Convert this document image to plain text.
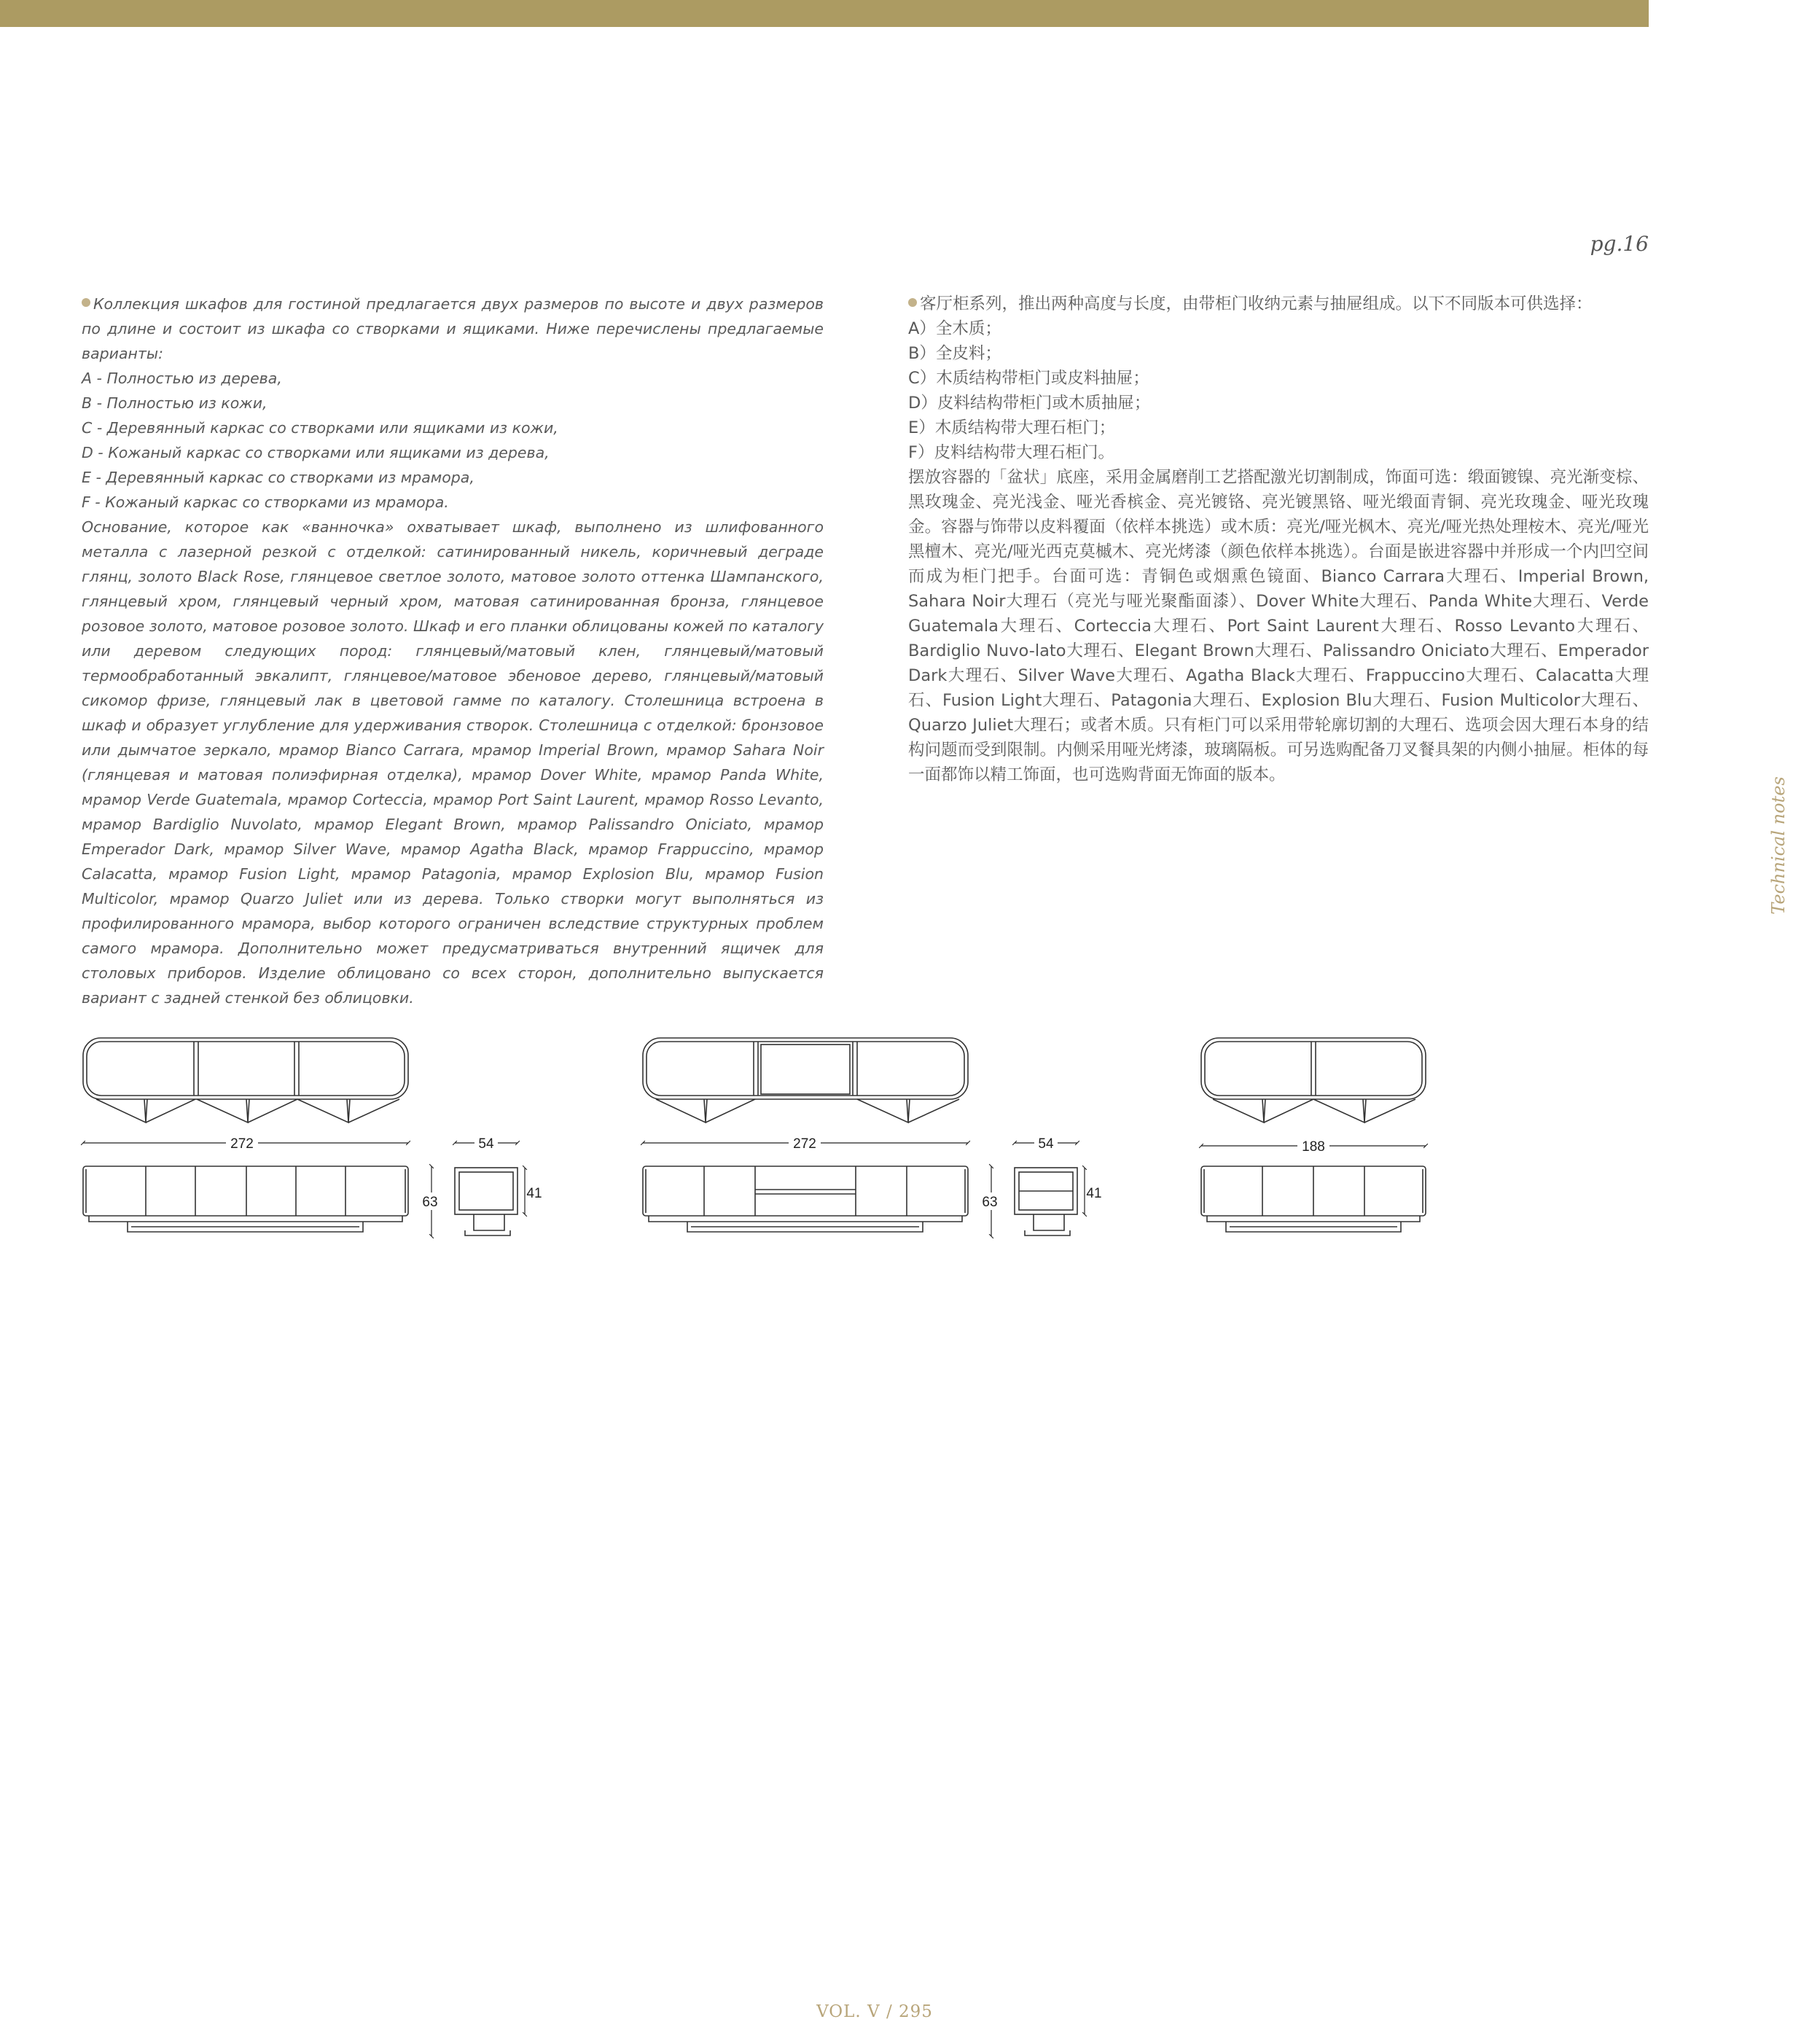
pg.16

Коллекция шкафов для гостиной предлагается двух размеров по высоте и двух размеров по длине и состоит из шкафа со створками и ящиками. Ниже перечислены предлагаемые варианты:

A - Полностью из дерева,

B - Полностью из кожи,

C - Деревянный каркас со створками или ящиками из кожи,

D - Кожаный каркас со створками или ящиками из дерева,

E - Деревянный каркас со створками из мрамора,

F - Кожаный каркас со створками из мрамора.

Основание, которое как «ванночка» охватывает шкаф, выполнено из шлифованного металла с лазерной резкой с отделкой: сатинированный никель, коричневый деграде глянц, золото Black Rose, глянцевое светлое золото, матовое золото оттенка Шампанского, глянцевый хром, глянцевый черный хром, матовая сатинированная бронза, глянцевое розовое золото, матовое розовое золото. Шкаф и его планки облицованы кожей по каталогу или деревом следующих пород: глянцевый/матовый клен, глянцевый/матовый термообработанный эвкалипт, глянцевое/матовое эбеновое дерево, глянцевый/матовый сикомор фризе, глянцевый лак в цветовой гамме по каталогу. Столешница встроена в шкаф и образует углубление для удерживания створок. Столешница с отделкой: бронзовое или дымчатое зеркало, мрамор Bianco Carrara, мрамор Imperial Brown, мрамор Sahara Noir (глянцевая и матовая полиэфирная отделка), мрамор Dover White, мрамор Panda White, мрамор Verde Guatemala, мрамор Corteccia, мрамор Port Saint Laurent, мрамор Rosso Levanto, мрамор Bardiglio Nuvolato, мрамор Elegant Brown, мрамор Palissandro Oniciato, мрамор Emperador Dark, мрамор Silver Wave, мрамор Agatha Black, мрамор Frappuccino, мрамор Calacatta, мрамор Fusion Light, мрамор Patagonia, мрамор Explosion Blu, мрамор Fusion Multicolor, мрамор Quarzo Juliet или из дерева. Только створки могут выполняться из профилированного мрамора, выбор которого ограничен вследствие структурных проблем самого мрамора. Дополнительно может предусматриваться внутренний ящичек для столовых приборов. Изделие облицовано со всех сторон, дополнительно выпускается вариант с задней стенкой без облицовки.

客厅柜系列，推出两种高度与长度，由带柜门收纳元素与抽屉组成。以下不同版本可供选择：

A）全木质；

B）全皮料；

C）木质结构带柜门或皮料抽屉；

D）皮料结构带柜门或木质抽屉；

E）木质结构带大理石柜门；

F）皮料结构带大理石柜门。

摆放容器的「盆状」底座，采用金属磨削工艺搭配激光切割制成，饰面可选：缎面镀镍、亮光渐变棕、黑玫瑰金、亮光浅金、哑光香槟金、亮光镀铬、亮光镀黑铬、哑光缎面青铜、亮光玫瑰金、哑光玫瑰金。容器与饰带以皮料覆面（依样本挑选）或木质：亮光/哑光枫木、亮光/哑光热处理桉木、亮光/哑光黑檀木、亮光/哑光西克莫槭木、亮光烤漆（颜色依样本挑选）。台面是嵌进容器中并形成一个内凹空间而成为柜门把手。台面可选：青铜色或烟熏色镜面、Bianco Carrara大理石、Imperial Brown, Sahara Noir大理石（亮光与哑光聚酯面漆）、Dover White大理石、Panda White大理石、Verde Guatemala大理石、Corteccia大理石、Port Saint Laurent大理石、Rosso Levanto大理石、Bardiglio Nuvo-lato大理石、Elegant Brown大理石、Palissandro Oniciato大理石、Emperador Dark大理石、Silver Wave大理石、Agatha Black大理石、Frappuccino大理石、Calacatta大理石、Fusion Light大理石、Patagonia大理石、Explosion Blu大理石、Fusion Multicolor大理石、Quarzo Juliet大理石；或者木质。只有柜门可以采用带轮廓切割的大理石、选项会因大理石本身的结构问题而受到限制。内侧采用哑光烤漆，玻璃隔板。可另选购配备刀叉餐具架的内侧小抽屉。柜体的每一面都饰以精工饰面，也可选购背面无饰面的版本。

Technical notes
272	54
63
41
272	54
63
41
188
VOL. V / 295
